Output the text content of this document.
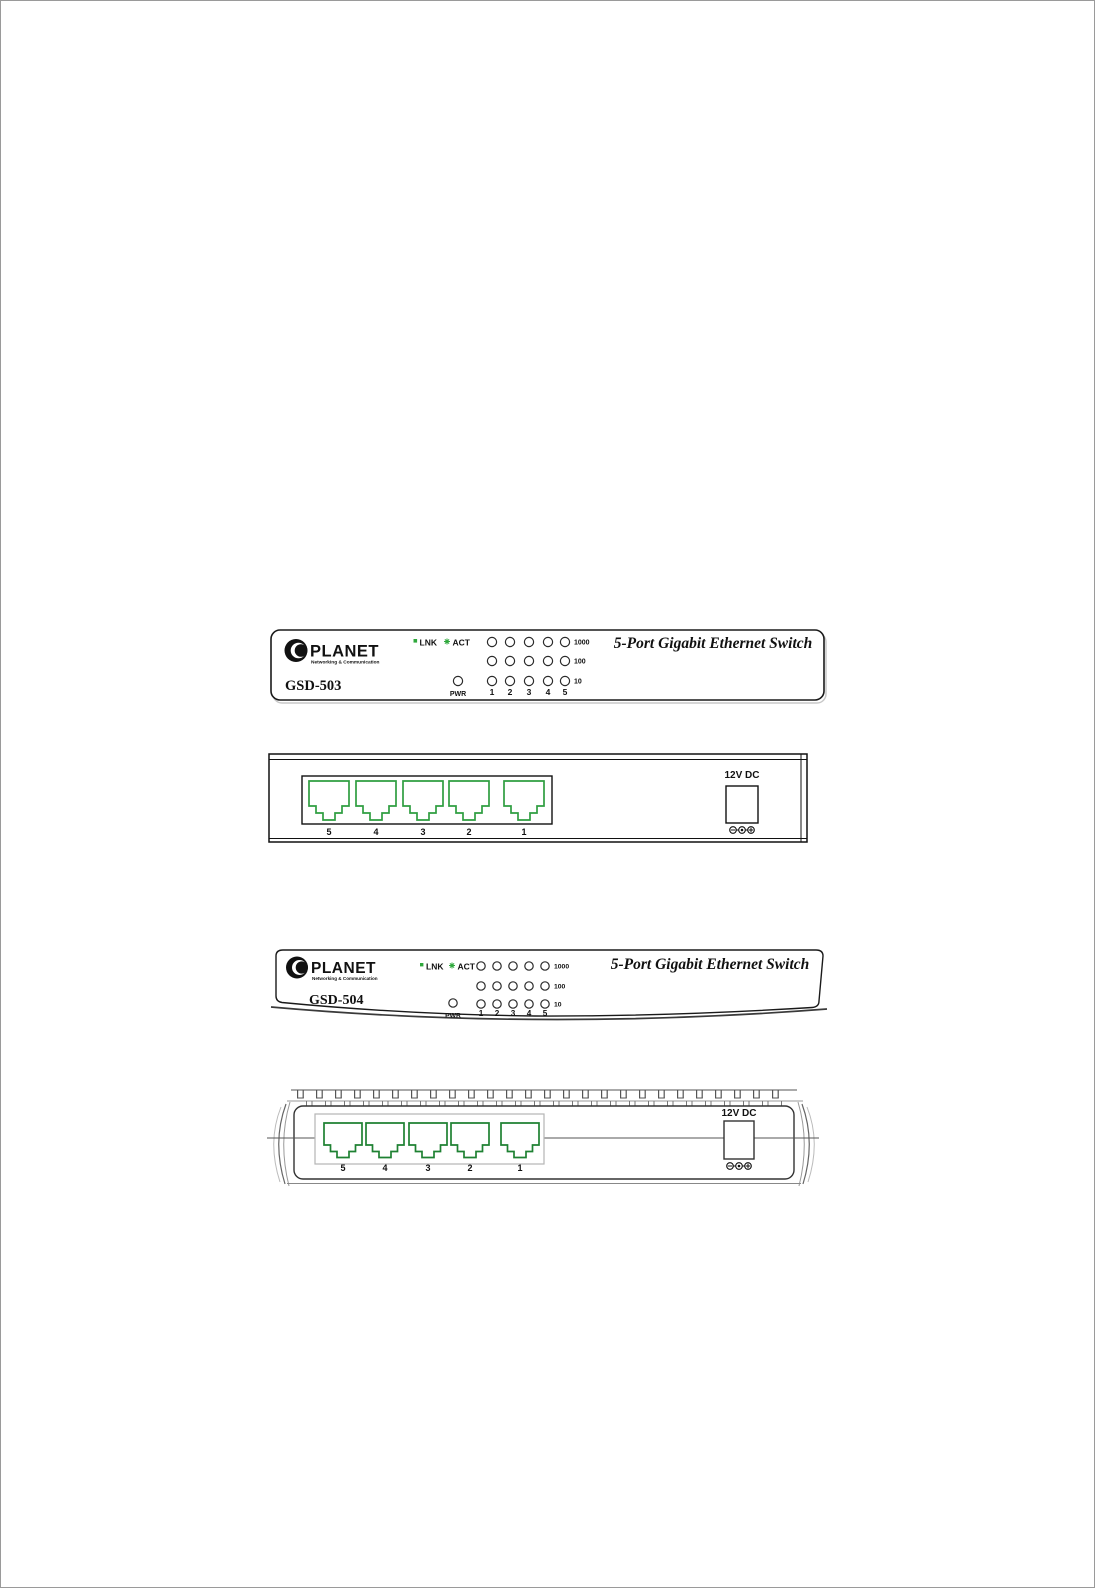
PLANET
Networking & Communication
GSD-503
LNK ACT	1000
100
10
PWR	1 2 3 4 5
5-Port Gigabit Ethernet Switch
5	4	3	2	1
12V DC
PLANET
Networking & Communication
GSD-504
LNK ACT	1000
100
10
PWR 1 2 3 4 5
5-Port Gigabit Ethernet Switch
5	4	3	2	1
12V DC
